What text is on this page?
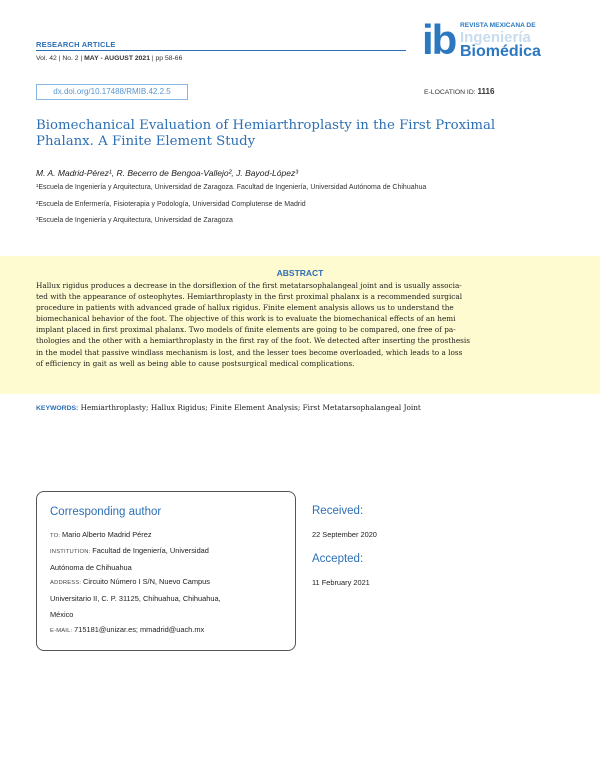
RESEARCH ARTICLE
Vol. 42 | No. 2 | MAY - AUGUST 2021 | pp 58-66	ib REVISTA MEXICANA DE
Ingeniería
Biomédica
dx.doi.org/10.17488/RMIB.42.2.5	E-LOCATION ID: 1116
Biomechanical Evaluation of Hemiarthroplasty in the First Proximal
Phalanx. A Finite Element Study
M. A. Madrid-Pérez¹, R. Becerro de Bengoa-Vallejo², J. Bayod-López³
¹Escuela de Ingeniería y Arquitectura, Universidad de Zaragoza. Facultad de Ingeniería, Universidad Autónoma de Chihuahua
²Escuela de Enfermería, Fisioterapia y Podología, Universidad Complutense de Madrid
³Escuela de Ingeniería y Arquitectura, Universidad de Zaragoza
ABSTRACT
Hallux rigidus produces a decrease in the dorsiflexion of the first metatarsophalangeal joint and is usually associa-
ted with the appearance of osteophytes. Hemiarthroplasty in the first proximal phalanx is a recommended surgical
procedure in patients with advanced grade of hallux rigidus. Finite element analysis allows us to understand the
biomechanical behavior of the foot. The objective of this work is to evaluate the biomechanical effects of an hemi
implant placed in first proximal phalanx. Two models of finite elements are going to be compared, one free of pa-
thologies and the other with a hemiarthroplasty in the first ray of the foot. We detected after inserting the prosthesis
in the model that passive windlass mechanism is lost, and the lesser toes become overloaded, which leads to a loss
of efficiency in gait as well as being able to cause postsurgical medical complications.
KEYWORDS: Hemiarthroplasty; Hallux Rigidus; Finite Element Analysis; First Metatarsophalangeal Joint
Corresponding author
TO: Mario Alberto Madrid Pérez
INSTITUTION: Facultad de Ingeniería, Universidad
Autónoma de Chihuahua
ADDRESS: Circuito Número I S/N, Nuevo Campus
Universitario II, C. P. 31125, Chihuahua, Chihuahua,
México
E-MAIL: 715181@unizar.es; mmadrid@uach.mx
Received:
22 September 2020
Accepted:
11 February 2021
